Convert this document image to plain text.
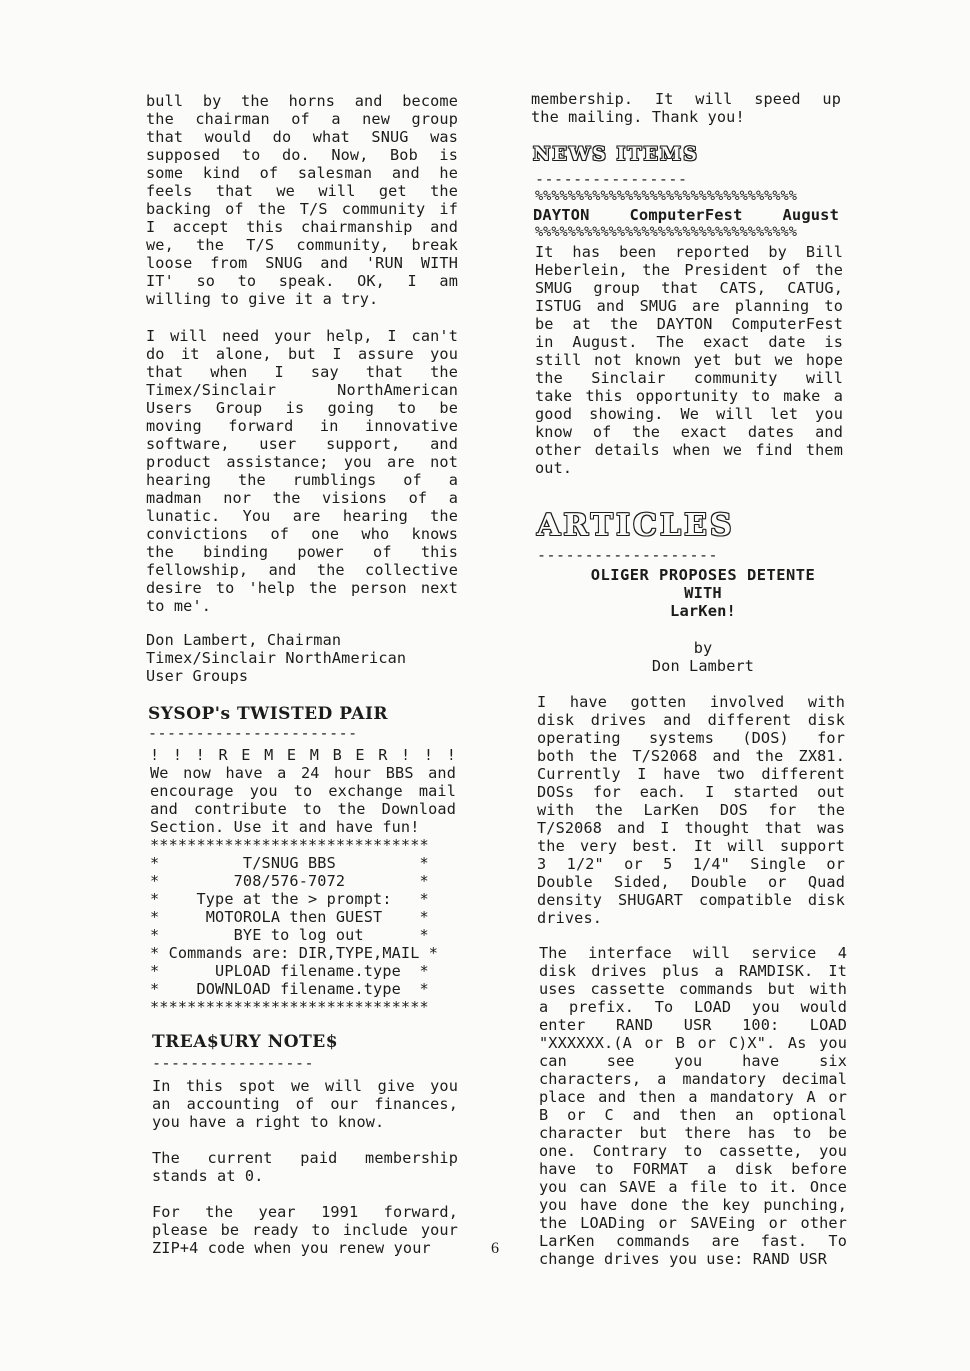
bull by the horns and become
the chairman of a new group
that would do what SNUG was
supposed to do. Now, Bob is
some kind of salesman and he
feels that we will get the
backing of the T/S community if
I accept this chairmanship and
we, the T/S community, break
loose from SNUG and 'RUN WITH
IT' so to speak. OK, I am
willing to give it a try.
I will need your help, I can't
do it alone, but I assure you
that when I say that the
Timex/Sinclair NorthAmerican
Users Group is going to be
moving forward in innovative
software, user support, and
product assistance; you are not
hearing the rumblings of a
madman nor the visions of a
lunatic. You are hearing the
convictions of one who knows
the binding power of this
fellowship, and the collective
desire to 'help the person next
to me'.
Don Lambert, Chairman
Timex/Sinclair NorthAmerican
User Groups
SYSOP's TWISTED PAIR
----------------------
! ! ! R E M E M B E R ! ! !
We now have a 24 hour BBS and
encourage you to exchange mail
and contribute to the Download
Section. Use it and have fun!
******************************
*         T/SNUG BBS         *
*        708/576-7072        *
*    Type at the > prompt:   *
*     MOTOROLA then GUEST    *
*        BYE to log out      *
* Commands are: DIR,TYPE,MAIL *
*      UPLOAD filename.type  *
*    DOWNLOAD filename.type  *
******************************
TREA$URY NOTE$
-----------------
In this spot we will give you
an accounting of our finances,
you have a right to know.
The current paid membership
stands at 0.
For the year 1991 forward,
please be ready to include your
ZIP+4 code when you renew your
membership. It will speed up
the mailing. Thank you!
NEWS ITEMS
----------------
%%%%%%%%%%%%%%%%%%%%%%%%%%%%%%%%
DAYTON ComputerFest August
%%%%%%%%%%%%%%%%%%%%%%%%%%%%%%%%
It has been reported by Bill
Heberlein, the President of the
SMUG group that CATS, CATUG,
ISTUG and SMUG are planning to
be at the DAYTON ComputerFest
in August. The exact date is
still not known yet but we hope
the Sinclair community will
take this opportunity to make a
good showing. We will let you
know of the exact dates and
other details when we find them
out.
ARTICLES
-------------------
OLIGER PROPOSES DETENTE
WITH
LarKen!
by
Don Lambert
I have gotten involved with
disk drives and different disk
operating systems (DOS) for
both the T/S2068 and the ZX81.
Currently I have two different
DOSs for each. I started out
with the LarKen DOS for the
T/S2068 and I thought that was
the very best. It will support
3 1/2" or 5 1/4" Single or
Double Sided, Double or Quad
density SHUGART compatible disk
drives.
The interface will service 4
disk drives plus a RAMDISK. It
uses cassette commands but with
a prefix. To LOAD you would
enter RAND USR 100: LOAD
"XXXXXX.(A or B or C)X". As you
can see you have six
characters, a mandatory decimal
place and then a mandatory A or
B or C and then an optional
character but there has to be
one. Contrary to cassette, you
have to FORMAT a disk before
you can SAVE a file to it. Once
you have done the key punching,
the LOADing or SAVEing or other
LarKen commands are fast. To
change drives you use: RAND USR
6
